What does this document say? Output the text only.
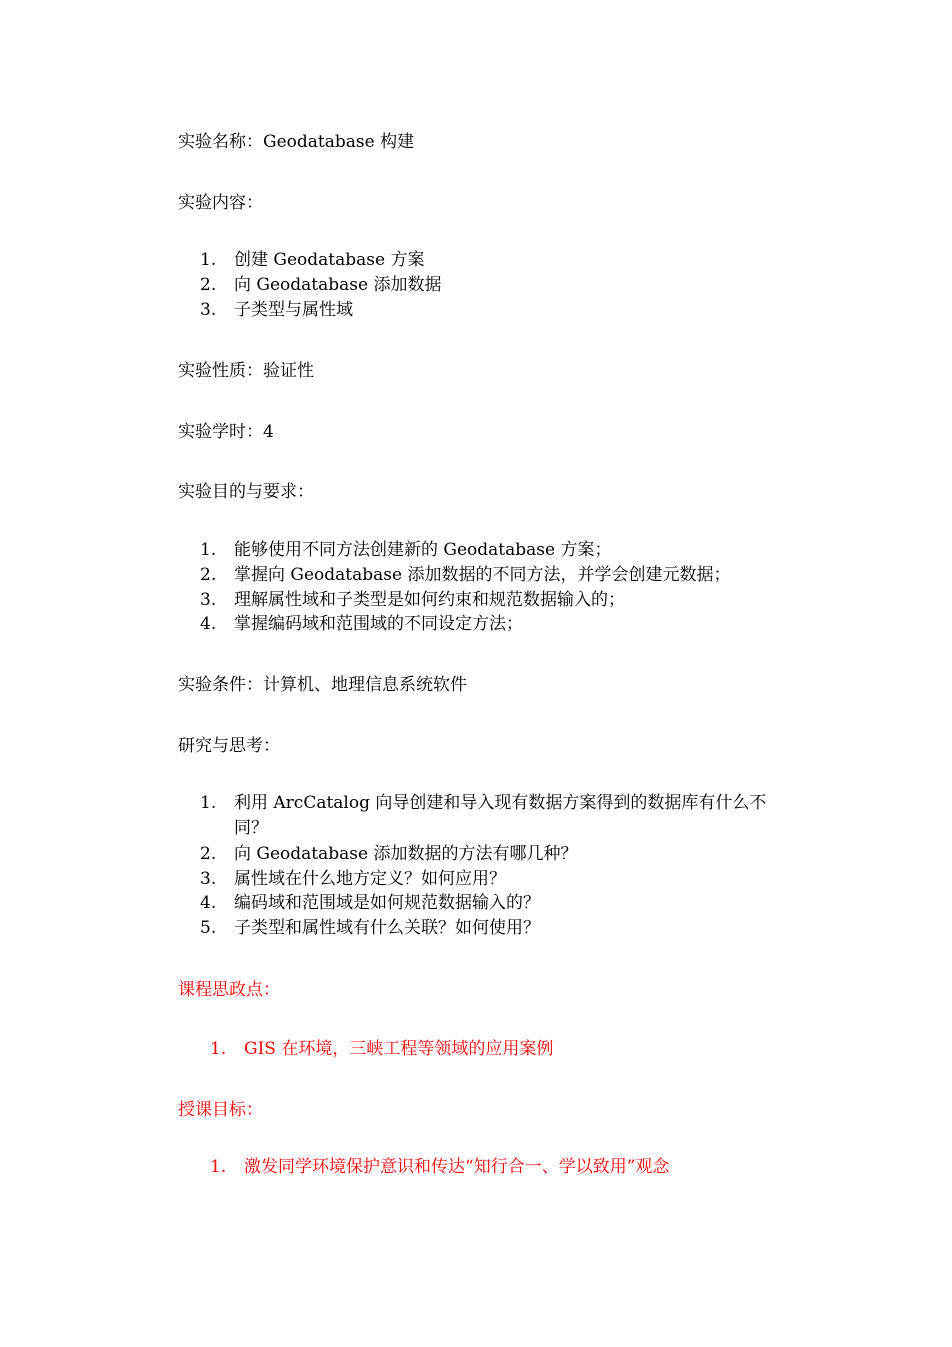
实验名称：Geodatabase 构建
实验内容：
1. 创建 Geodatabase 方案
2. 向 Geodatabase 添加数据
3. 子类型与属性域
实验性质：验证性
实验学时：4
实验目的与要求：
1. 能够使用不同方法创建新的 Geodatabase 方案；
2. 掌握向 Geodatabase 添加数据的不同方法，并学会创建元数据；
3. 理解属性域和子类型是如何约束和规范数据输入的；
4. 掌握编码域和范围域的不同设定方法；
实验条件：计算机、地理信息系统软件
研究与思考：
1. 利用 ArcCatalog 向导创建和导入现有数据方案得到的数据库有什么不
同？
2. 向 Geodatabase 添加数据的方法有哪几种？
3. 属性域在什么地方定义？如何应用？
4. 编码域和范围域是如何规范数据输入的？
5. 子类型和属性域有什么关联？如何使用？
课程思政点：
1. GIS 在环境，三峡工程等领域的应用案例
授课目标：
1. 激发同学环境保护意识和传达“知行合一、学以致用”观念
